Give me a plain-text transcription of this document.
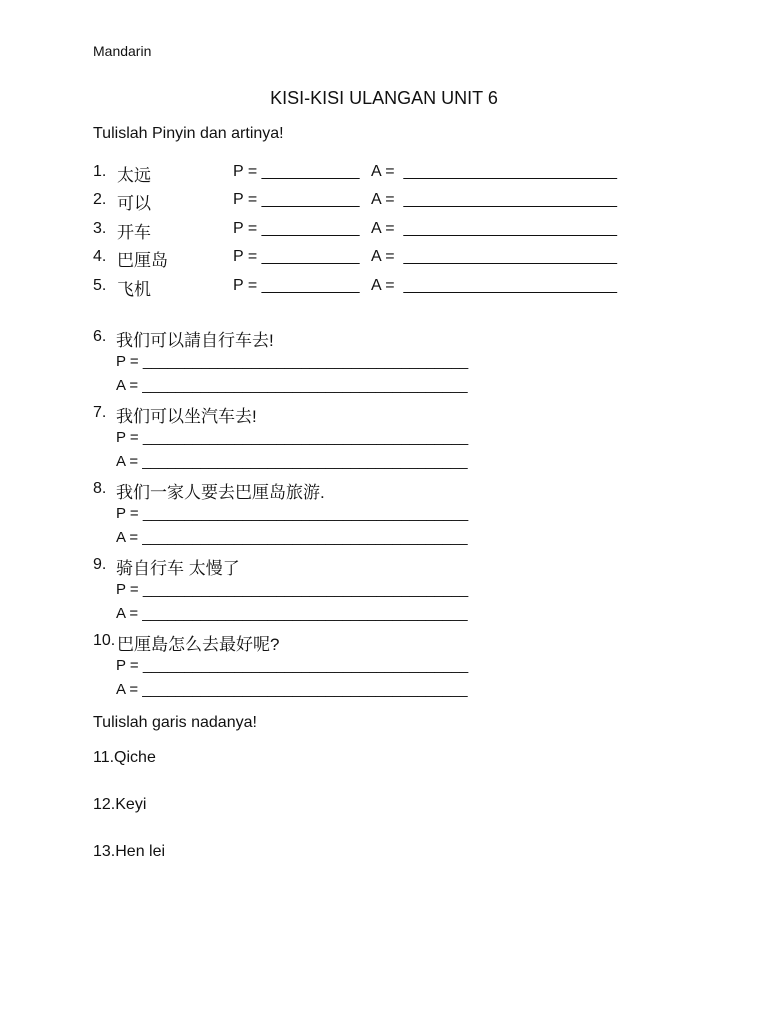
Mandarin
KISI-KISI ULANGAN UNIT 6
Tulislah Pinyin dan artinya!
1. 太远	P = ___________ A =  ________________________
2. 可以	P = ___________ A =  ________________________
3. 开车	P = ___________ A =  ________________________
4. 巴厘岛	P = ___________ A =  ________________________
5. 飞机	P = ___________ A =  ________________________
6. 我们可以請自行车去!
P = _______________________________________
A = _______________________________________
7. 我们可以坐汽车去!
P = _______________________________________
A = _______________________________________
8. 我们一家人要去巴厘岛旅游.
P = _______________________________________
A = _______________________________________
9. 骑自行车 太慢了
P = _______________________________________
A = _______________________________________
10. 巴厘島怎么去最好呢?
P = _______________________________________
A = _______________________________________
Tulislah garis nadanya!
11.Qiche
12.Keyi
13.Hen lei
